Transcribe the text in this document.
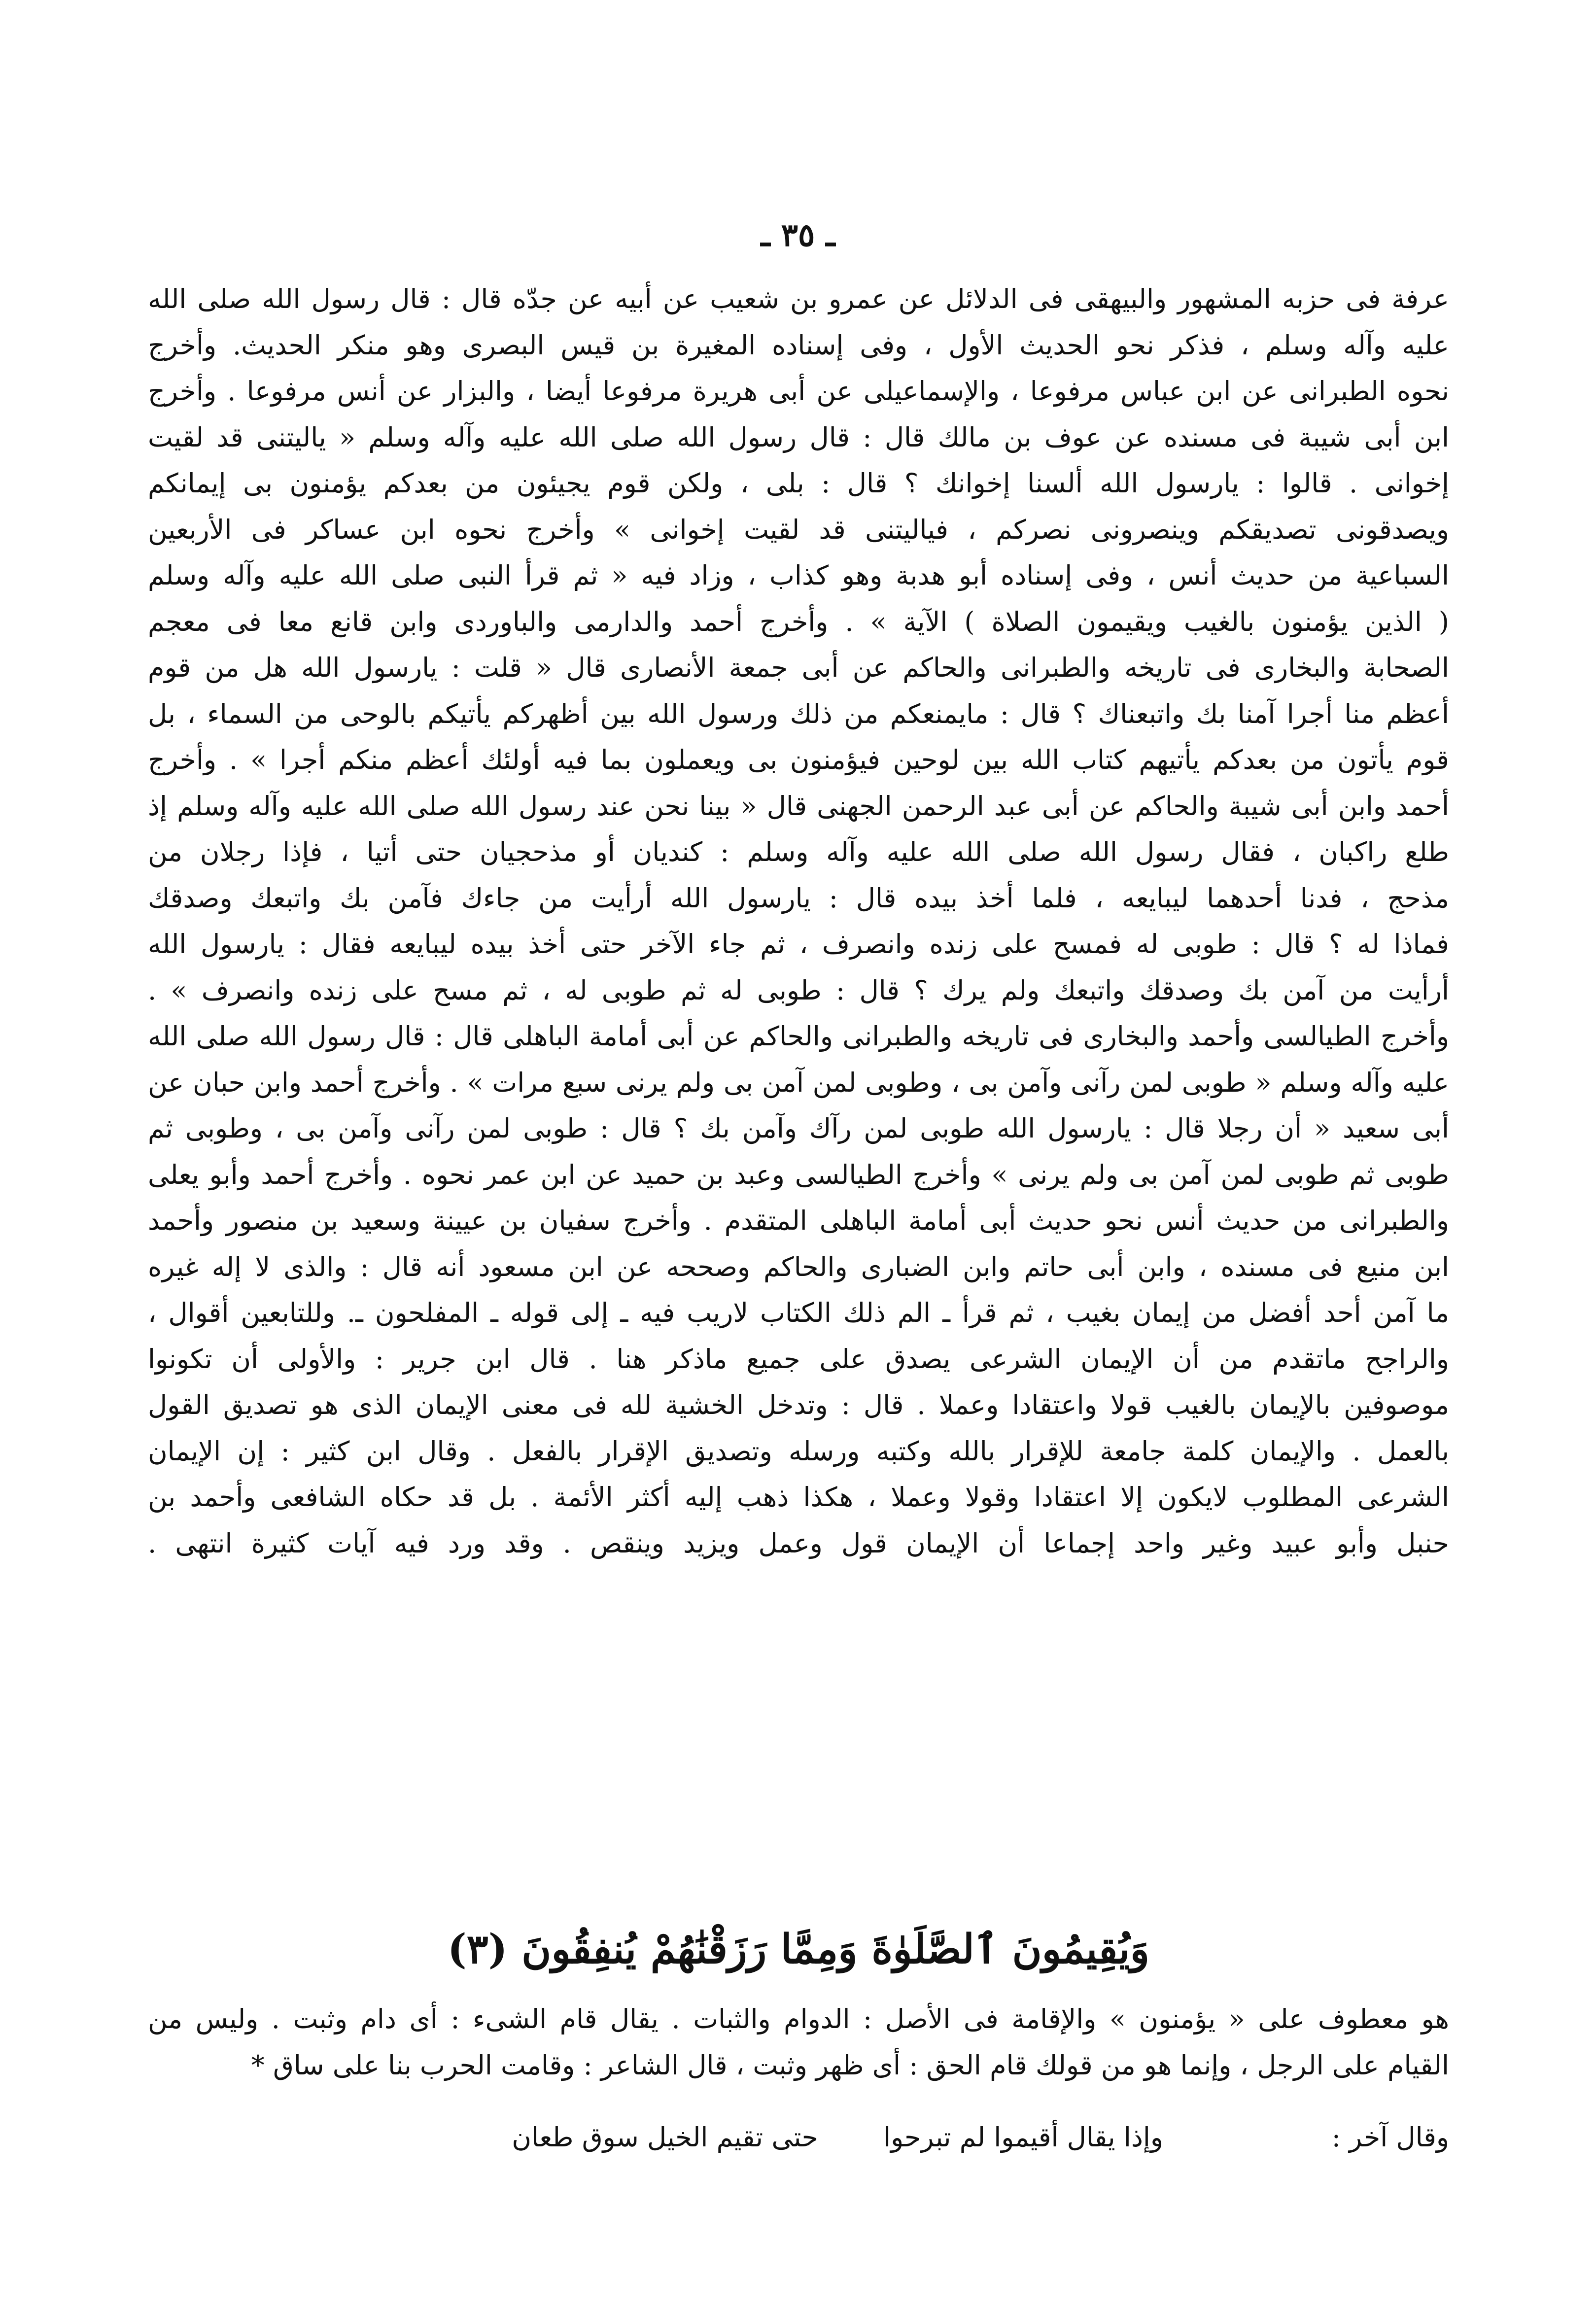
ـ ٣٥ ـ
عرفة فى حزبه المشهور والبيهقى فى الدلائل عن عمرو بن شعيب عن أبيه عن جدّه قال : قال رسول الله صلى الله
عليه وآله وسلم ، فذكر نحو الحديث الأول ، وفى إسناده المغيرة بن قيس البصرى وهو منكر الحديث. وأخرج
نحوه الطبرانى عن ابن عباس مرفوعا ، والإسماعيلى عن أبى هريرة مرفوعا أيضا ، والبزار عن أنس مرفوعا . وأخرج
ابن أبى شيبة فى مسنده عن عوف بن مالك قال : قال رسول الله صلى الله عليه وآله وسلم « ياليتنى قد لقيت
إخوانى . قالوا : يارسول الله ألسنا إخوانك ؟ قال : بلى ، ولكن قوم يجيئون من بعدكم يؤمنون بى إيمانكم
ويصدقونى تصديقكم وينصرونى نصركم ، فياليتنى قد لقيت إخوانى » وأخرج نحوه ابن عساكر فى الأربعين
السباعية من حديث أنس ، وفى إسناده أبو هدبة وهو كذاب ، وزاد فيه « ثم قرأ النبى صلى الله عليه وآله وسلم
( الذين يؤمنون بالغيب ويقيمون الصلاة ) الآية » . وأخرج أحمد والدارمى والباوردى وابن قانع معا فى معجم
الصحابة والبخارى فى تاريخه والطبرانى والحاكم عن أبى جمعة الأنصارى قال « قلت : يارسول الله هل من قوم
أعظم منا أجرا آمنا بك واتبعناك ؟ قال : مايمنعكم من ذلك ورسول الله بين أظهركم يأتيكم بالوحى من السماء ، بل
قوم يأتون من بعدكم يأتيهم كتاب الله بين لوحين فيؤمنون بى ويعملون بما فيه أولئك أعظم منكم أجرا » . وأخرج
أحمد وابن أبى شيبة والحاكم عن أبى عبد الرحمن الجهنى قال « بينا نحن عند رسول الله صلى الله عليه وآله وسلم إذ
طلع راكبان ، فقال رسول الله صلى الله عليه وآله وسلم : كنديان أو مذحجيان حتى أتيا ، فإذا رجلان من
مذحج ، فدنا أحدهما ليبايعه ، فلما أخذ بيده قال : يارسول الله أرأيت من جاءك فآمن بك واتبعك وصدقك
فماذا له ؟ قال : طوبى له فمسح على زنده وانصرف ، ثم جاء الآخر حتى أخذ بيده ليبايعه فقال : يارسول الله
أرأيت من آمن بك وصدقك واتبعك ولم يرك ؟ قال : طوبى له ثم طوبى له ، ثم مسح على زنده وانصرف » .
وأخرج الطيالسى وأحمد والبخارى فى تاريخه والطبرانى والحاكم عن أبى أمامة الباهلى قال : قال رسول الله صلى الله
عليه وآله وسلم « طوبى لمن رآنى وآمن بى ، وطوبى لمن آمن بى ولم يرنى سبع مرات » . وأخرج أحمد وابن حبان عن
أبى سعيد « أن رجلا قال : يارسول الله طوبى لمن رآك وآمن بك ؟ قال : طوبى لمن رآنى وآمن بى ، وطوبى ثم
طوبى ثم طوبى لمن آمن بى ولم يرنى » وأخرج الطيالسى وعبد بن حميد عن ابن عمر نحوه . وأخرج أحمد وأبو يعلى
والطبرانى من حديث أنس نحو حديث أبى أمامة الباهلى المتقدم . وأخرج سفيان بن عيينة وسعيد بن منصور وأحمد
ابن منيع فى مسنده ، وابن أبى حاتم وابن الضبارى والحاكم وصححه عن ابن مسعود أنه قال : والذى لا إله غيره
ما آمن أحد أفضل من إيمان بغيب ، ثم قرأ ـ الم ذلك الكتاب لاريب فيه ـ إلى قوله ـ المفلحون ـ. وللتابعين أقوال ،
والراجح ماتقدم من أن الإيمان الشرعى يصدق على جميع ماذكر هنا . قال ابن جرير : والأولى أن تكونوا
موصوفين بالإيمان بالغيب قولا واعتقادا وعملا . قال : وتدخل الخشية لله فى معنى الإيمان الذى هو تصديق القول
بالعمل . والإيمان كلمة جامعة للإقرار بالله وكتبه ورسله وتصديق الإقرار بالفعل . وقال ابن كثير : إن الإيمان
الشرعى المطلوب لايكون إلا اعتقادا وقولا وعملا ، هكذا ذهب إليه أكثر الأئمة . بل قد حكاه الشافعى وأحمد بن
حنبل وأبو عبيد وغير واحد إجماعا أن الإيمان قول وعمل ويزيد وينقص . وقد ورد فيه آيات كثيرة انتهى .
وَيُقِيمُونَ ٱلصَّلَوٰةَ وَمِمَّا رَزَقْنَٰهُمْ يُنفِقُونَ (٣)
هو معطوف على « يؤمنون » والإقامة فى الأصل : الدوام والثبات . يقال قام الشىء : أى دام وثبت . وليس من
القيام على الرجل ، وإنما هو من قولك قام الحق : أى ظهر وثبت ، قال الشاعر : وقامت الحرب بنا على ساق *
وقال آخر :
وإذا يقال أقيموا لم تبرحوا
حتى تقيم الخيل سوق طعان
